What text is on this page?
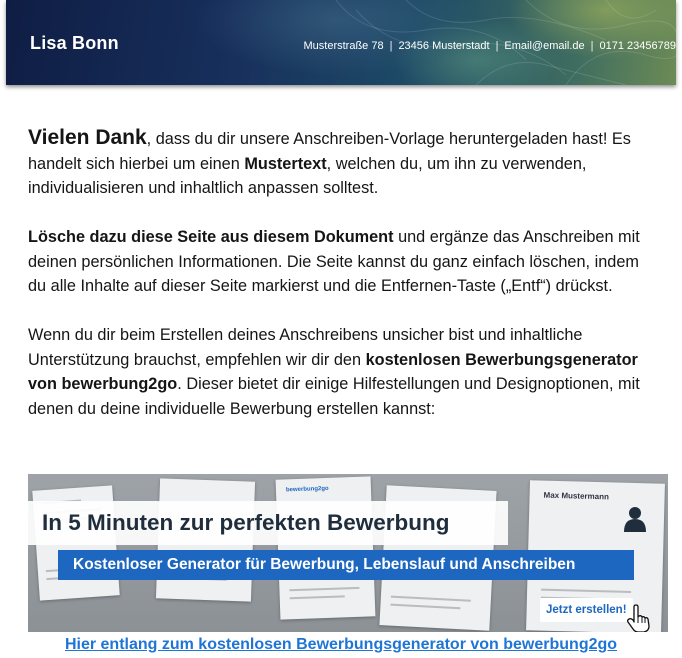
Lisa Bonn	Musterstraße 78 | 23456 Musterstadt | Email@email.de | 0171 23456789

Vielen Dank, dass du dir unsere Anschreiben-Vorlage heruntergeladen hast! Es handelt sich hierbei um einen Mustertext, welchen du, um ihn zu verwenden, individualisieren und inhaltlich anpassen solltest.

Lösche dazu diese Seite aus diesem Dokument und ergänze das Anschreiben mit deinen persönlichen Informationen. Die Seite kannst du ganz einfach löschen, indem du alle Inhalte auf dieser Seite markierst und die Entfernen-Taste („Entf“) drückst.

Wenn du dir beim Erstellen deines Anschreibens unsicher bist und inhaltliche Unterstützung brauchst, empfehlen wir dir den kostenlosen Bewerbungsgenerator von bewerbung2go. Dieser bietet dir einige Hilfestellungen und Designoptionen, mit denen du deine individuelle Bewerbung erstellen kannst:

bewerbung2go
Max Mustermann
In 5 Minuten zur perfekten Bewerbung
Kostenloser Generator für Bewerbung, Lebenslauf und Anschreiben
Jetzt erstellen!
Hier entlang zum kostenlosen Bewerbungsgenerator von bewerbung2go
